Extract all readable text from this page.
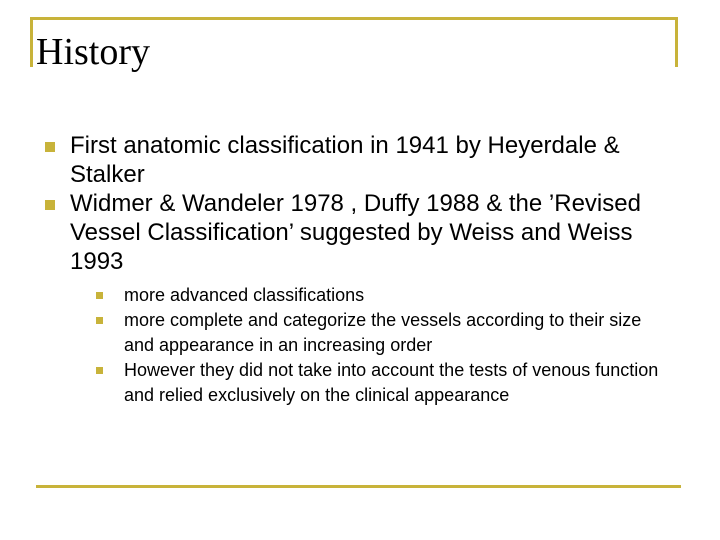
History
First anatomic classification in 1941 by Heyerdale & Stalker
Widmer & Wandeler 1978 , Duffy 1988 & the ’Revised Vessel Classification’ suggested by Weiss and Weiss 1993
more advanced classifications
more complete and categorize the vessels according to their size and appearance in an increasing order
However they did not take into account the tests of venous function and relied exclusively on the clinical appearance
